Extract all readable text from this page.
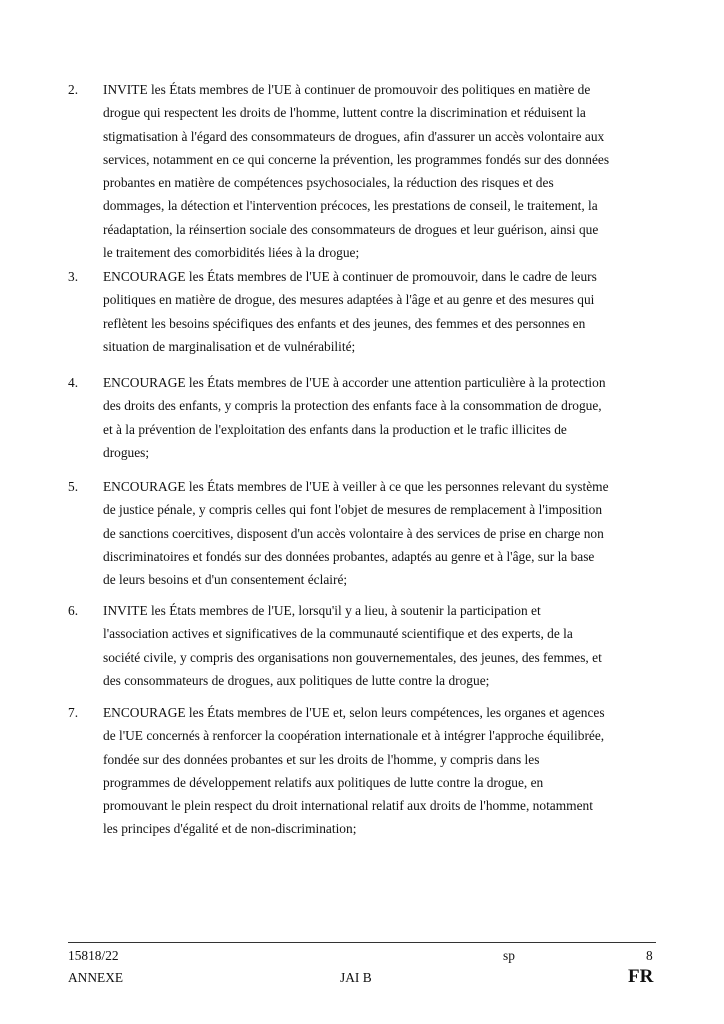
2. INVITE les États membres de l'UE à continuer de promouvoir des politiques en matière de
drogue qui respectent les droits de l'homme, luttent contre la discrimination et réduisent la
stigmatisation à l'égard des consommateurs de drogues, afin d'assurer un accès volontaire aux
services, notamment en ce qui concerne la prévention, les programmes fondés sur des données
probantes en matière de compétences psychosociales, la réduction des risques et des
dommages, la détection et l'intervention précoces, les prestations de conseil, le traitement, la
réadaptation, la réinsertion sociale des consommateurs de drogues et leur guérison, ainsi que
le traitement des comorbidités liées à la drogue;

3. ENCOURAGE les États membres de l'UE à continuer de promouvoir, dans le cadre de leurs
politiques en matière de drogue, des mesures adaptées à l'âge et au genre et des mesures qui
reflètent les besoins spécifiques des enfants et des jeunes, des femmes et des personnes en
situation de marginalisation et de vulnérabilité;

4. ENCOURAGE les États membres de l'UE à accorder une attention particulière à la protection
des droits des enfants, y compris la protection des enfants face à la consommation de drogue,
et à la prévention de l'exploitation des enfants dans la production et le trafic illicites de
drogues;

5. ENCOURAGE les États membres de l'UE à veiller à ce que les personnes relevant du système
de justice pénale, y compris celles qui font l'objet de mesures de remplacement à l'imposition
de sanctions coercitives, disposent d'un accès volontaire à des services de prise en charge non
discriminatoires et fondés sur des données probantes, adaptés au genre et à l'âge, sur la base
de leurs besoins et d'un consentement éclairé;

6. INVITE les États membres de l'UE, lorsqu'il y a lieu, à soutenir la participation et
l'association actives et significatives de la communauté scientifique et des experts, de la
société civile, y compris des organisations non gouvernementales, des jeunes, des femmes, et
des consommateurs de drogues, aux politiques de lutte contre la drogue;

7. ENCOURAGE les États membres de l'UE et, selon leurs compétences, les organes et agences
de l'UE concernés à renforcer la coopération internationale et à intégrer l'approche équilibrée,
fondée sur des données probantes et sur les droits de l'homme, y compris dans les
programmes de développement relatifs aux politiques de lutte contre la drogue, en
promouvant le plein respect du droit international relatif aux droits de l'homme, notamment
les principes d'égalité et de non-discrimination;

15818/22	sp	8
ANNEXE	JAI B	FR
